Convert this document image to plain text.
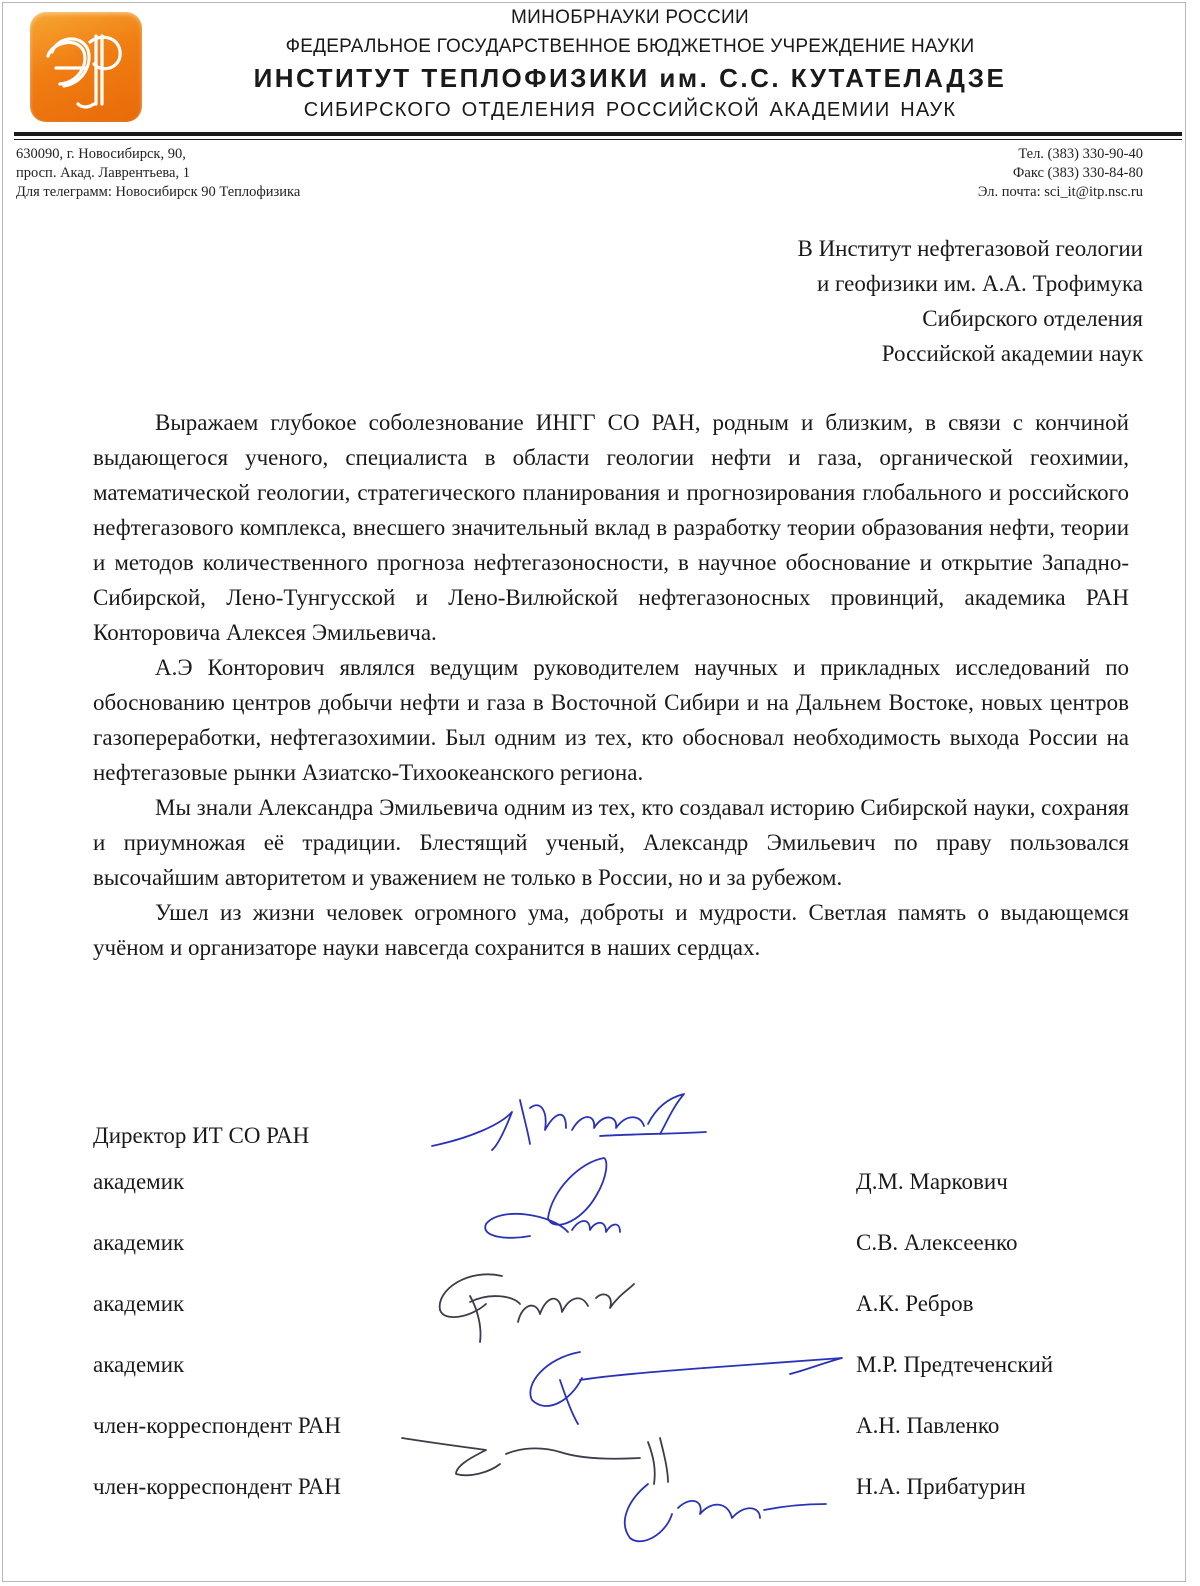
МИНОБРНАУКИ РОССИИ
ФЕДЕРАЛЬНОЕ ГОСУДАРСТВЕННОЕ БЮДЖЕТНОЕ УЧРЕЖДЕНИЕ НАУКИ
ИНСТИТУТ ТЕПЛОФИЗИКИ им. С.С. КУТАТЕЛАДЗЕ
СИБИРСКОГО ОТДЕЛЕНИЯ РОССИЙСКОЙ АКАДЕМИИ НАУК
630090, г. Новосибирск, 90,
просп. Акад. Лаврентьева, 1
Для телеграмм: Новосибирск 90 Теплофизика
Тел. (383) 330-90-40
Факс (383) 330-84-80
Эл. почта: sci_it@itp.nsc.ru
В Институт нефтегазовой геологии
и геофизики им. А.А. Трофимука
Сибирского отделения
Российской академии наук

Выражаем глубокое соболезнование ИНГГ СО РАН, родным и близким, в связи с кончиной выдающегося ученого, специалиста в области геологии нефти и газа, органической геохимии, математической геологии, стратегического планирования и прогнозирования глобального и российского нефтегазового комплекса, внесшего значительный вклад в разработку теории образования нефти, теории и методов количественного прогноза нефтегазоносности, в научное обоснование и открытие Западно-Сибирской, Лено-Тунгусской и Лено-Вилюйской нефтегазоносных провинций, академика РАН Конторовича Алексея Эмильевича.

А.Э Конторович являлся ведущим руководителем научных и прикладных исследований по обоснованию центров добычи нефти и газа в Восточной Сибири и на Дальнем Востоке, новых центров газопереработки, нефтегазохимии. Был одним из тех, кто обосновал необходимость выхода России на нефтегазовые рынки Азиатско-Тихоокеанского региона.

Мы знали Александра Эмильевича одним из тех, кто создавал историю Сибирской науки, сохраняя и приумножая её традиции. Блестящий ученый, Александр Эмильевич по праву пользовался высочайшим авторитетом и уважением не только в России, но и за рубежом.

Ушел из жизни человек огромного ума, доброты и мудрости. Светлая память о выдающемся учёном и организаторе науки навсегда сохранится в наших сердцах.

Директор ИТ СО РАН
академик
академик
академик
академик
член-корреспондент РАН
член-корреспондент РАН
Д.М. Маркович
С.В. Алексеенко
А.К. Ребров
М.Р. Предтеченский
А.Н. Павленко
Н.А. Прибатурин
